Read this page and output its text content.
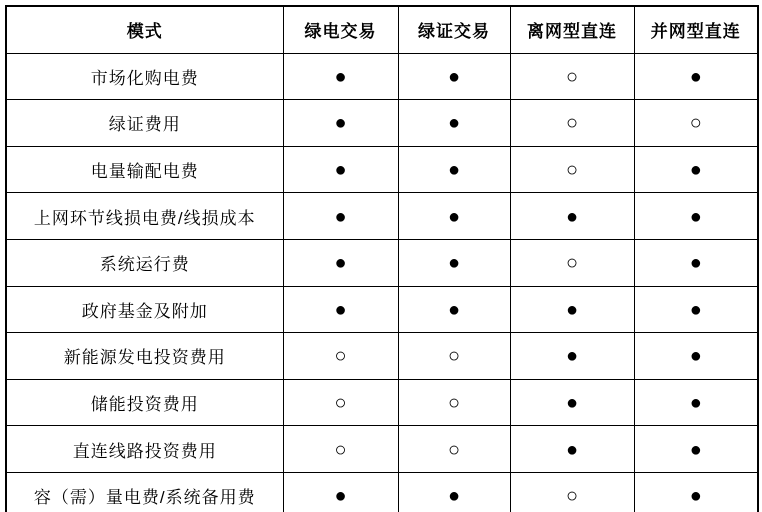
模式	绿电交易	绿证交易	离网型直连	并网型直连
市场化购电费	●	●	○	●
绿证费用	●	●	○	○
电量输配电费	●	●	○	●
上网环节线损电费/线损成本	●	●	●	●
系统运行费	●	●	○	●
政府基金及附加	●	●	●	●
新能源发电投资费用	○	○	●	●
储能投资费用	○	○	●	●
直连线路投资费用	○	○	●	●
容（需）量电费/系统备用费	●	●	○	●
